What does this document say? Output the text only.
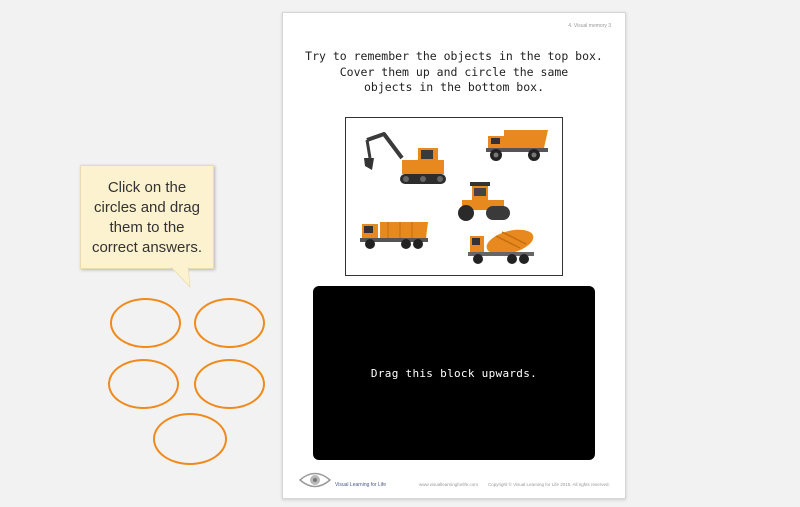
Click on the
circles and drag
them to the
correct answers.
4. Visual memory 3
Try to remember the objects in the top box.
Cover them up and circle the same
objects in the bottom box.
Drag this block upwards.
Visual Learning for Life	www.visuallearningforlife.com Copyright © Visual Learning for Life 2015. All rights reserved.
